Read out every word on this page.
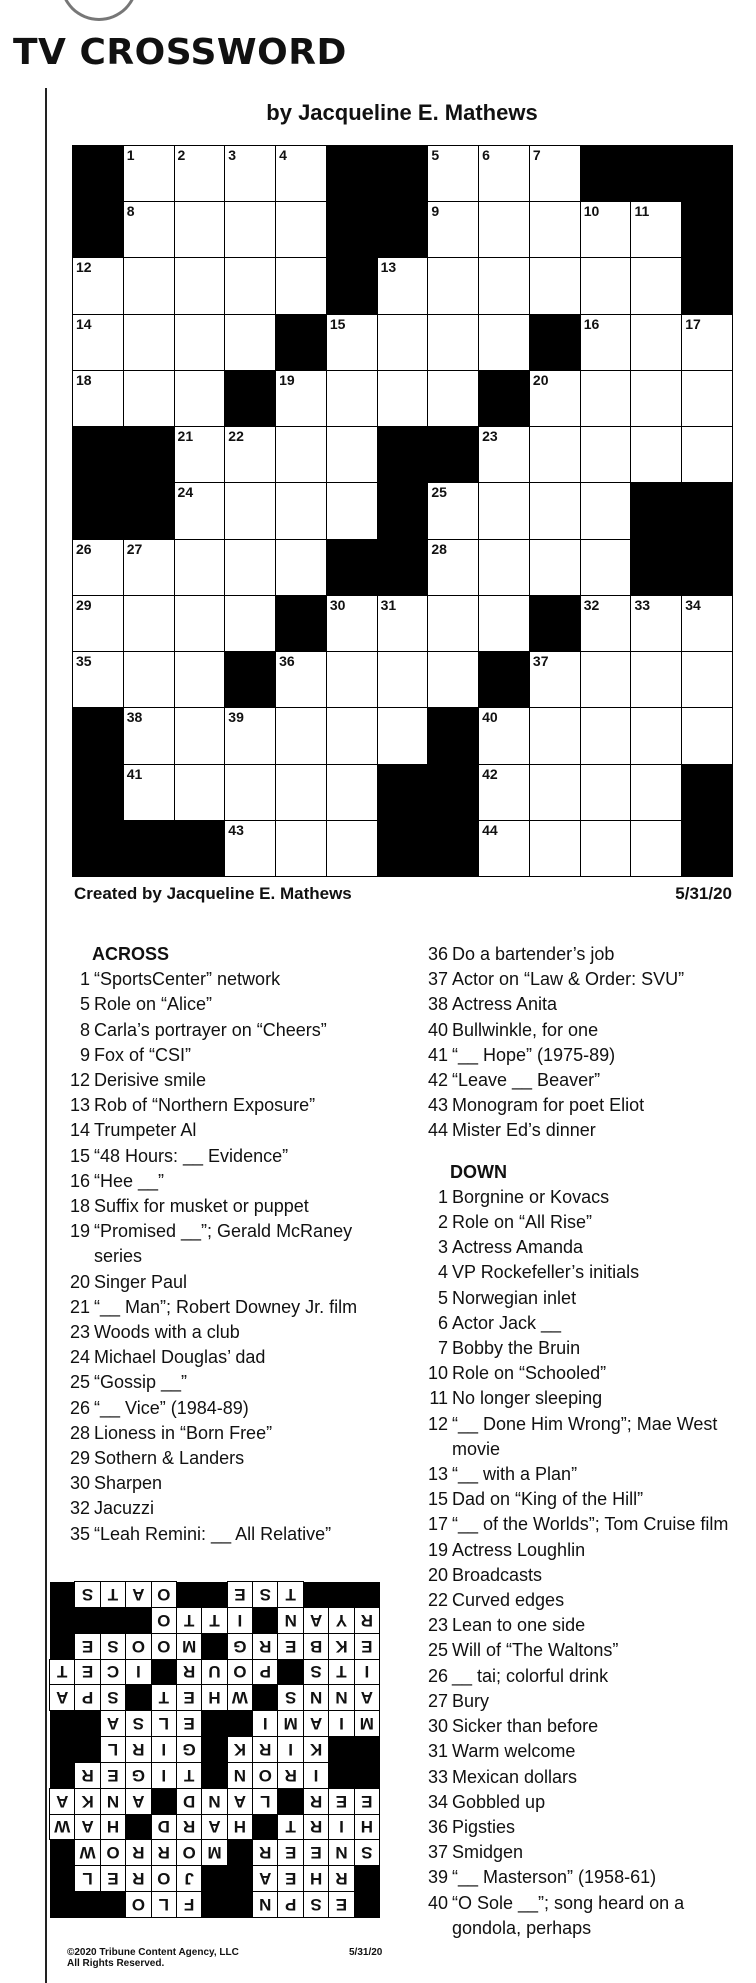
TV CROSSWORD
by Jacqueline E. Mathews
1	2	3	4	5	6	7
8	9	10	11
12	13
14	15	16	17
18	19	20
21	22	23
24	25
26	27	28
29	30	31	32	33	34
35	36	37
38	39	40
41	42
43	44
Created by Jacqueline E. Mathews	5/31/20
ACROSS
1 “SportsCenter” network
5 Role on “Alice”
8 Carla’s portrayer on “Cheers”
9 Fox of “CSI”
12 Derisive smile
13 Rob of “Northern Exposure”
14 Trumpeter Al
15 “48 Hours: __ Evidence”
16 “Hee __”
18 Suffix for musket or puppet
19 “Promised __”; Gerald McRaney series
20 Singer Paul
21 “__ Man”; Robert Downey Jr. film
23 Woods with a club
24 Michael Douglas’ dad
25 “Gossip __”
26 “__ Vice” (1984-89)
28 Lioness in “Born Free”
29 Sothern & Landers
30 Sharpen
32 Jacuzzi
35 “Leah Remini: __ All Relative”
36 Do a bartender’s job
37 Actor on “Law & Order: SVU”
38 Actress Anita
40 Bullwinkle, for one
41 “__ Hope” (1975-89)
42 “Leave __ Beaver”
43 Monogram for poet Eliot
44 Mister Ed’s dinner
DOWN
1 Borgnine or Kovacs
2 Role on “All Rise”
3 Actress Amanda
4 VP Rockefeller’s initials
5 Norwegian inlet
6 Actor Jack __
7 Bobby the Bruin
10 Role on “Schooled”
11 No longer sleeping
12 “__ Done Him Wrong”; Mae West movie
13 “__ with a Plan”
15 Dad on “King of the Hill”
17 “__ of the Worlds”; Tom Cruise film
19 Actress Loughlin
20 Broadcasts
22 Curved edges
23 Lean to one side
25 Will of “The Waltons”
26 __ tai; colorful drink
27 Bury
30 Sicker than before
31 Warm welcome
33 Mexican dollars
34 Gobbled up
36 Pigsties
37 Smidgen
39 “__ Masterson” (1958-61)
40 “O Sole __”; song heard on a gondola, perhaps
E
S
P
N
F
L
O
R
H
E
A
J
O
R
E
L
S
N
E
E
R
M
O
R
R
O
W
H
I
R
T
H
A
R
D
H
A
W
E
E
R
L
A
N
D
A
N
K
A
I
R
O
N
T
I
G
E
R
K
I
R
K
G
I
R
L
M
I
A
M
I
E
L
S
A
A
N
N
S
W
H
E
T
S
P
A
I
T
S
P
O
U
R
I
C
E
T
E
K
B
E
R
G
M
O
O
S
E
R
Y
A
N
I
T
T
O
T
S
E
O
A
T
S
©2020 Tribune Content Agency, LLC
All Rights Reserved.
5/31/20
